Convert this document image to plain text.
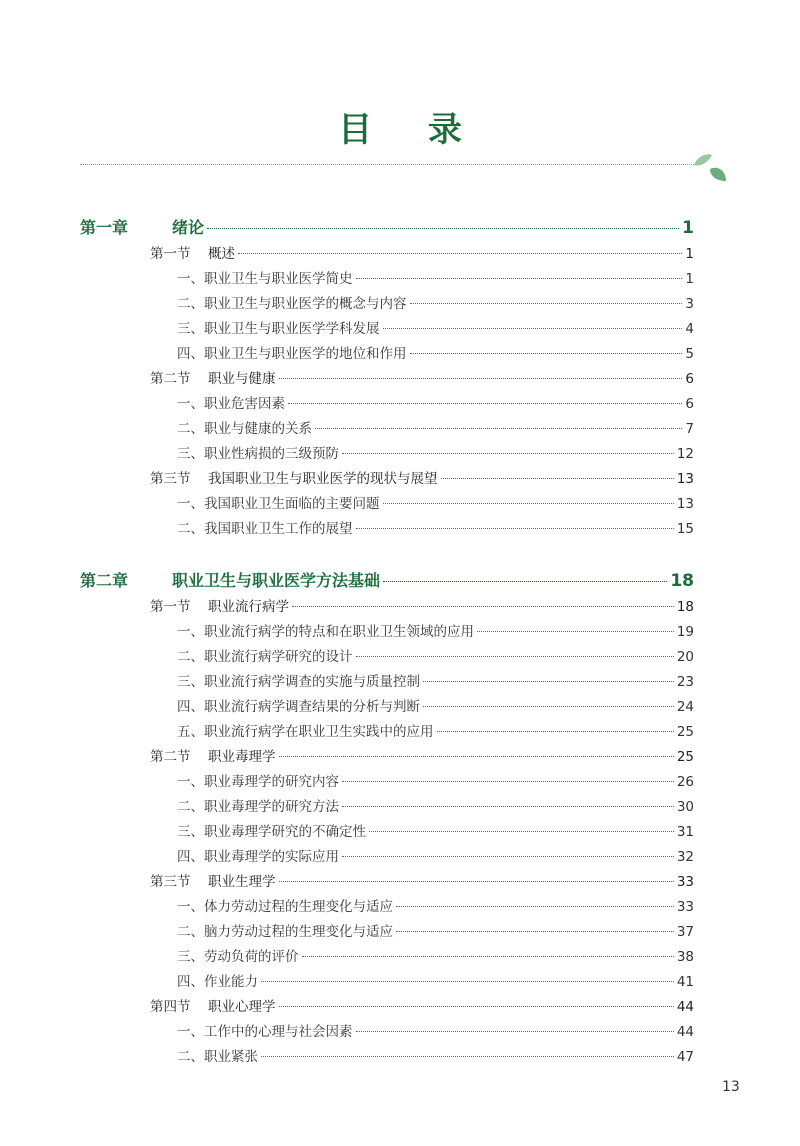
目 录
第一章	绪论	1
第一节 概述	1
一、职业卫生与职业医学简史	1
二、职业卫生与职业医学的概念与内容	3
三、职业卫生与职业医学学科发展	4
四、职业卫生与职业医学的地位和作用	5
第二节 职业与健康	6
一、职业危害因素	6
二、职业与健康的关系	7
三、职业性病损的三级预防	12
第三节 我国职业卫生与职业医学的现状与展望	13
一、我国职业卫生面临的主要问题	13
二、我国职业卫生工作的展望	15
第二章	职业卫生与职业医学方法基础	18
第一节 职业流行病学	18
一、职业流行病学的特点和在职业卫生领域的应用	19
二、职业流行病学研究的设计	20
三、职业流行病学调查的实施与质量控制	23
四、职业流行病学调查结果的分析与判断	24
五、职业流行病学在职业卫生实践中的应用	25
第二节 职业毒理学	25
一、职业毒理学的研究内容	26
二、职业毒理学的研究方法	30
三、职业毒理学研究的不确定性	31
四、职业毒理学的实际应用	32
第三节 职业生理学	33
一、体力劳动过程的生理变化与适应	33
二、脑力劳动过程的生理变化与适应	37
三、劳动负荷的评价	38
四、作业能力	41
第四节 职业心理学	44
一、工作中的心理与社会因素	44
二、职业紧张	47
13
